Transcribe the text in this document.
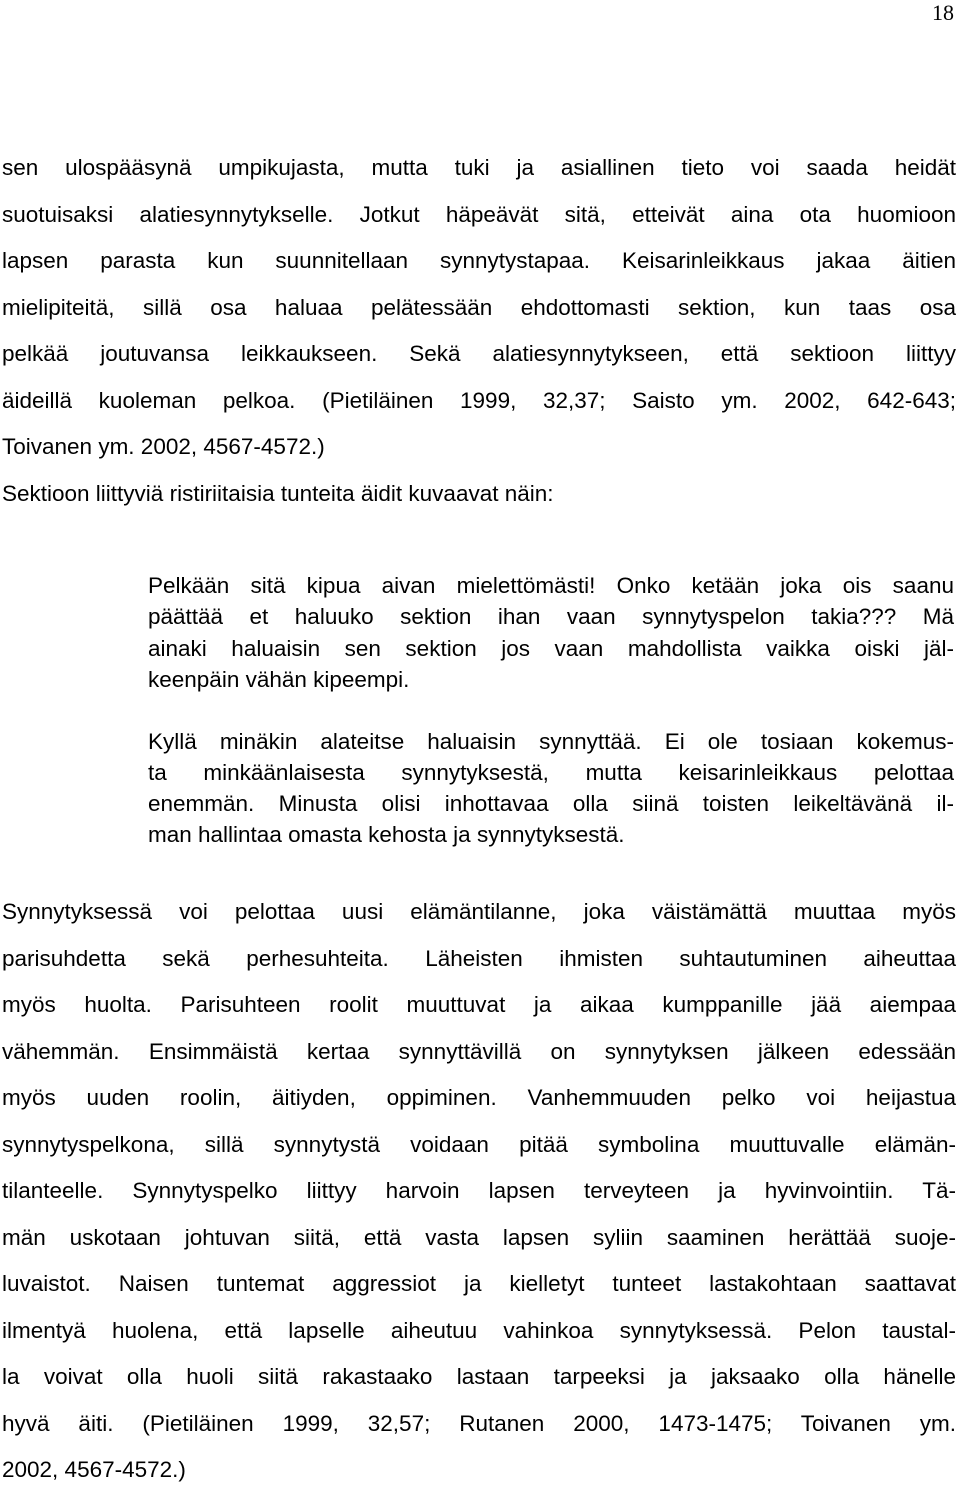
18
sen ulospääsynä umpikujasta, mutta tuki ja asiallinen tieto voi saada heidät
suotuisaksi alatiesynnytykselle. Jotkut häpeävät sitä, etteivät aina ota huomioon
lapsen parasta kun suunnitellaan synnytystapaa. Keisarinleikkaus jakaa äitien
mielipiteitä, sillä osa haluaa pelätessään ehdottomasti sektion, kun taas osa
pelkää joutuvansa leikkaukseen. Sekä alatiesynnytykseen, että sektioon liittyy
äideillä kuoleman pelkoa. (Pietiläinen 1999, 32,37; Saisto ym. 2002, 642-643;
Toivanen ym. 2002, 4567-4572.)
Sektioon liittyviä ristiriitaisia tunteita äidit kuvaavat näin:
Pelkään sitä kipua aivan mielettömästi! Onko ketään joka ois saanu
päättää et haluuko sektion ihan vaan synnytyspelon takia??? Mä
ainaki haluaisin sen sektion jos vaan mahdollista vaikka oiski jäl-
keenpäin vähän kipeempi.
Kyllä minäkin alateitse haluaisin synnyttää. Ei ole tosiaan kokemus-
ta minkäänlaisesta synnytyksestä, mutta keisarinleikkaus pelottaa
enemmän. Minusta olisi inhottavaa olla siinä toisten leikeltävänä il-
man hallintaa omasta kehosta ja synnytyksestä.
Synnytyksessä voi pelottaa uusi elämäntilanne, joka väistämättä muuttaa myös
parisuhdetta sekä perhesuhteita. Läheisten ihmisten suhtautuminen aiheuttaa
myös huolta. Parisuhteen roolit muuttuvat ja aikaa kumppanille jää aiempaa
vähemmän. Ensimmäistä kertaa synnyttävillä on synnytyksen jälkeen edessään
myös uuden roolin, äitiyden, oppiminen. Vanhemmuuden pelko voi heijastua
synnytyspelkona, sillä synnytystä voidaan pitää symbolina muuttuvalle elämän-
tilanteelle. Synnytyspelko liittyy harvoin lapsen terveyteen ja hyvinvointiin. Tä-
män uskotaan johtuvan siitä, että vasta lapsen syliin saaminen herättää suoje-
luvaistot. Naisen tuntemat aggressiot ja kielletyt tunteet lastakohtaan saattavat
ilmentyä huolena, että lapselle aiheutuu vahinkoa synnytyksessä. Pelon taustal-
la voivat olla huoli siitä rakastaako lastaan tarpeeksi ja jaksaako olla hänelle
hyvä äiti. (Pietiläinen 1999, 32,57; Rutanen 2000, 1473-1475; Toivanen ym.
2002, 4567-4572.)
